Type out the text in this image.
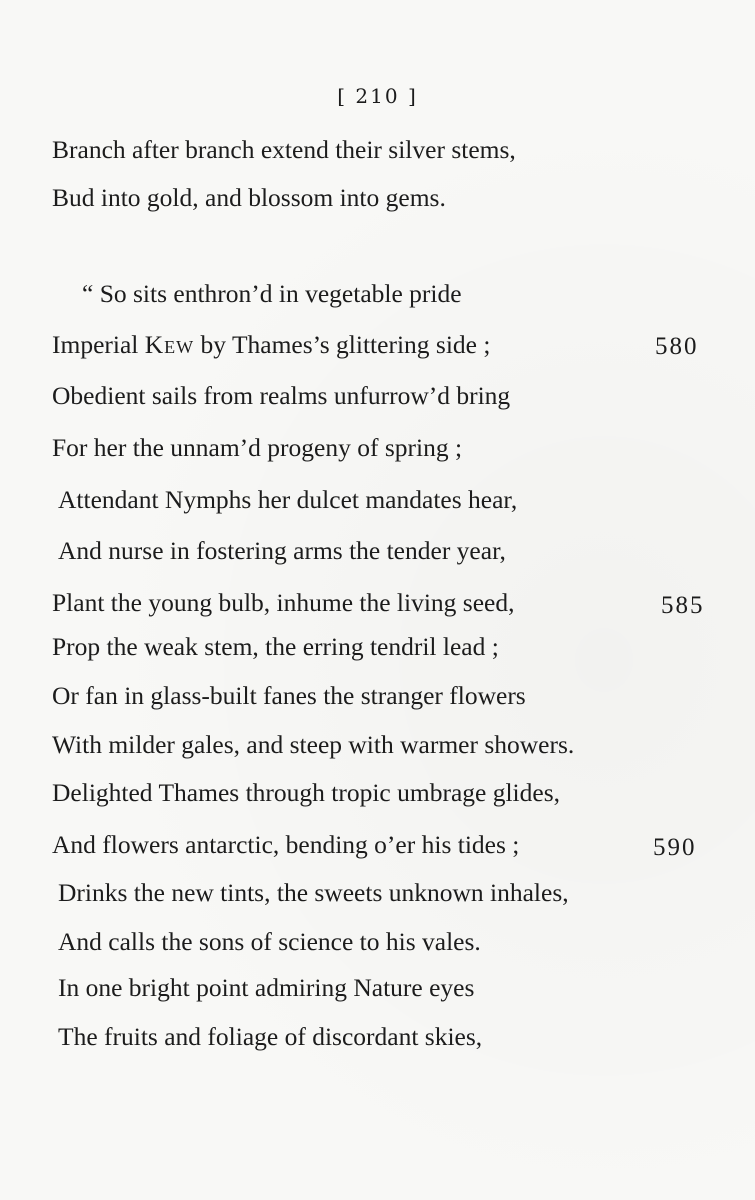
[ 210 ]
Branch after branch extend their silver stems,
Bud into gold, and blossom into gems.
“ So sits enthron’d in vegetable pride
Imperial Kew by Thames’s glittering side ;	580
Obedient sails from realms unfurrow’d bring
For her the unnam’d progeny of spring ;
Attendant Nymphs her dulcet mandates hear,
And nurse in fostering arms the tender year,
Plant the young bulb, inhume the living seed,	585
Prop the weak stem, the erring tendril lead ;
Or fan in glass-built fanes the stranger flowers
With milder gales, and steep with warmer showers.
Delighted Thames through tropic umbrage glides,
And flowers antarctic, bending o’er his tides ;	590
Drinks the new tints, the sweets unknown inhales,
And calls the sons of science to his vales.
In one bright point admiring Nature eyes
The fruits and foliage of discordant skies,
